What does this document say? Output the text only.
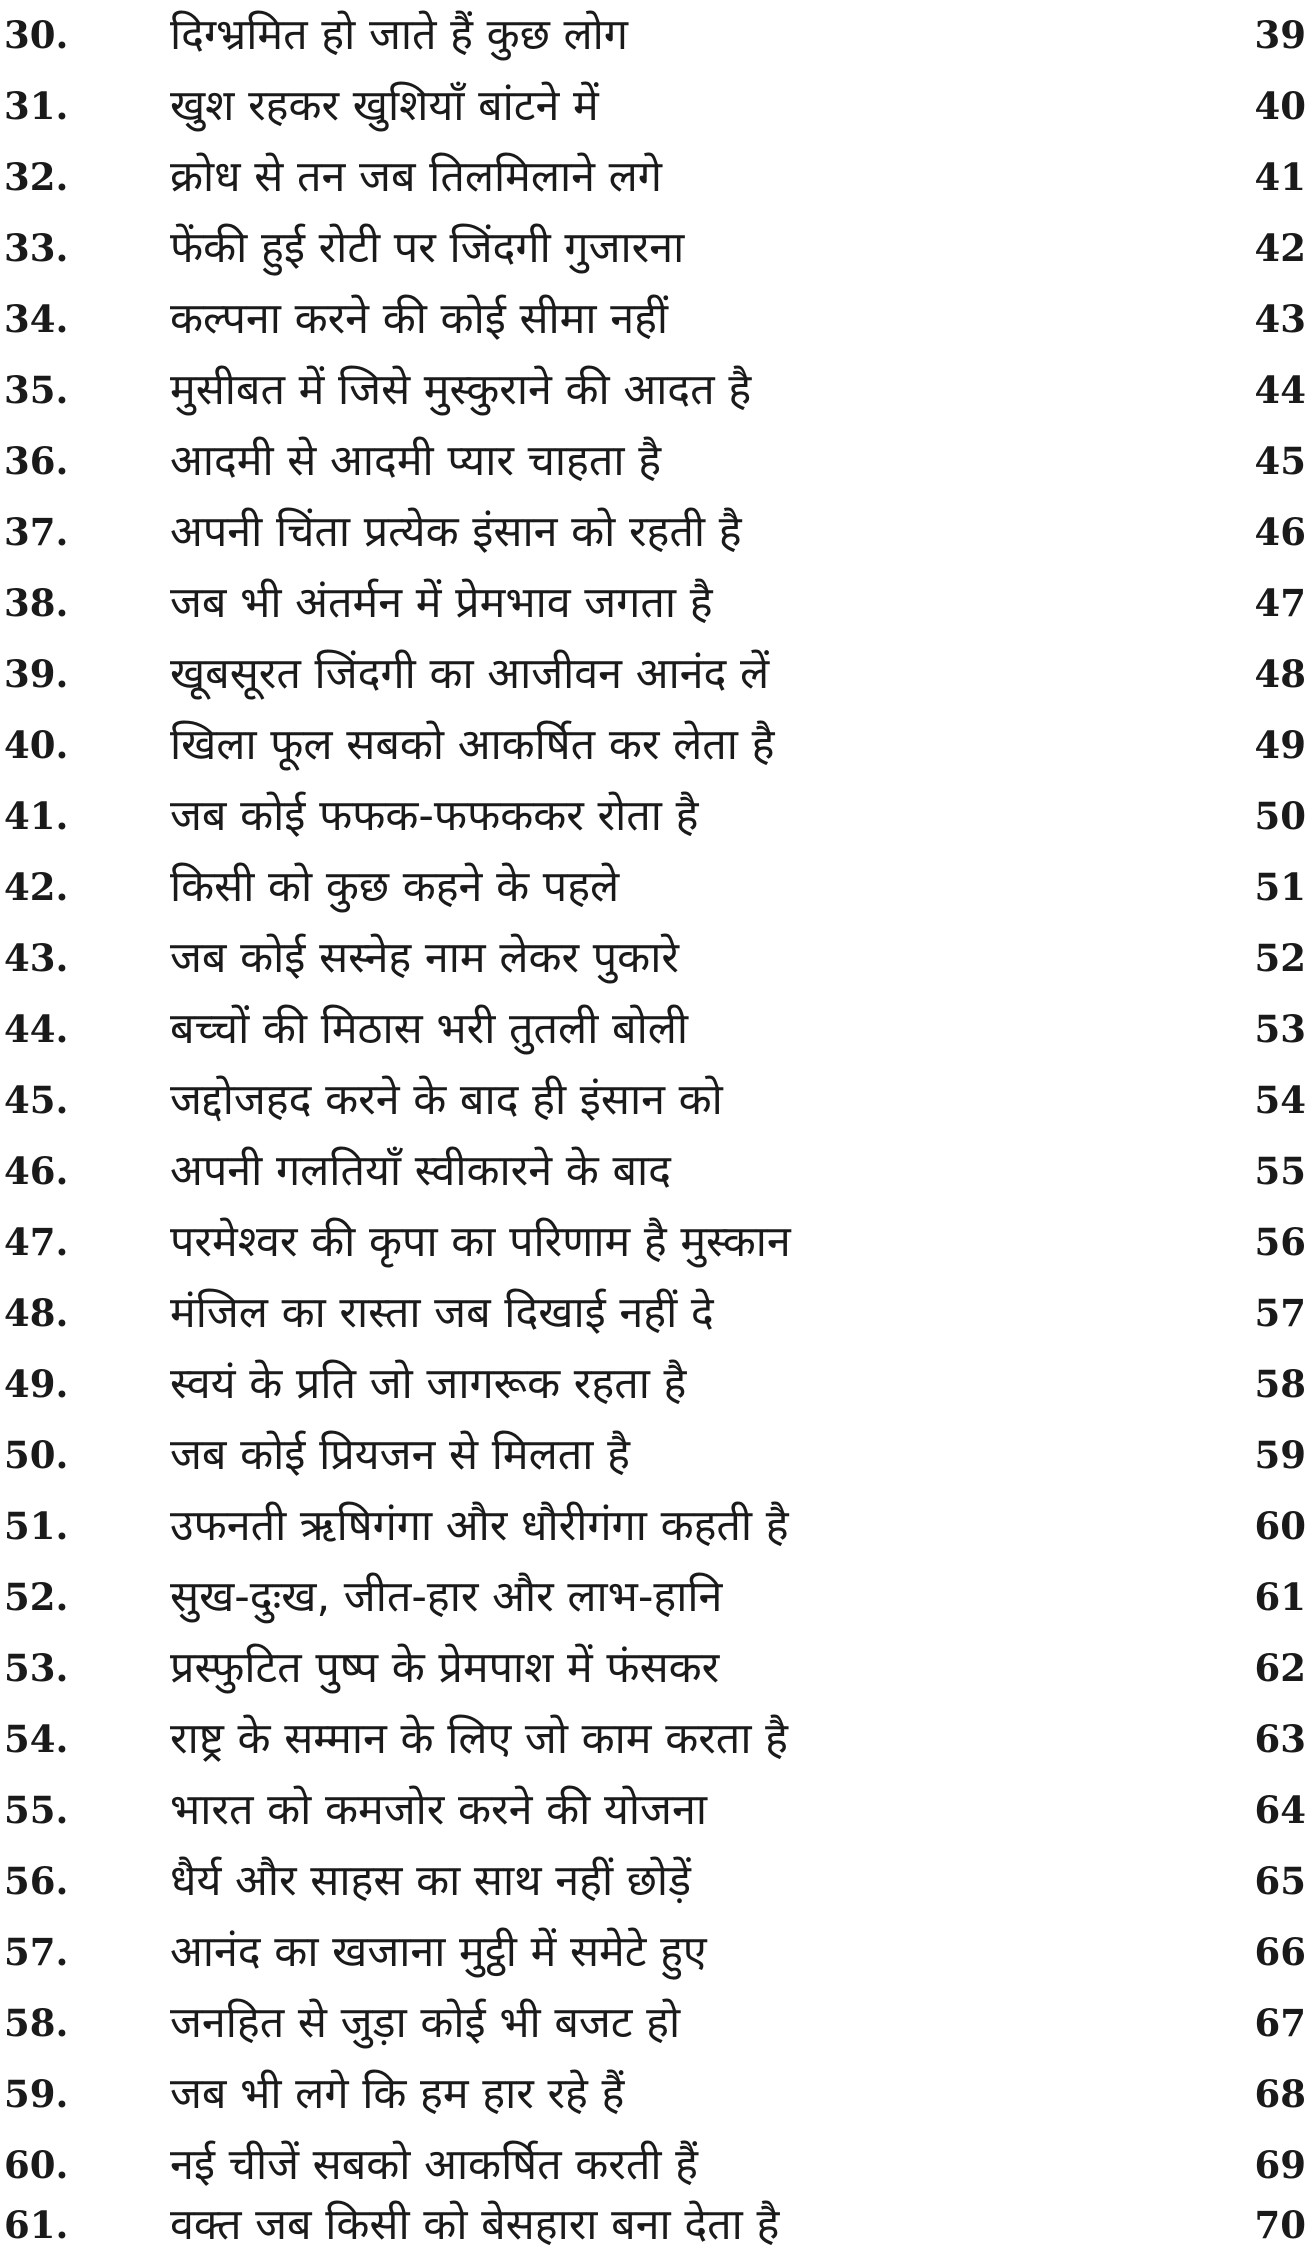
30.	दिग्भ्रमित हो जाते हैं कुछ लोग	39
31.	खुश रहकर खुशियाँ बांटने में	40
32.	क्रोध से तन जब तिलमिलाने लगे	41
33.	फेंकी हुई रोटी पर जिंदगी गुजारना	42
34.	कल्पना करने की कोई सीमा नहीं	43
35.	मुसीबत में जिसे मुस्कुराने की आदत है	44
36.	आदमी से आदमी प्यार चाहता है	45
37.	अपनी चिंता प्रत्येक इंसान को रहती है	46
38.	जब भी अंतर्मन में प्रेमभाव जगता है	47
39.	खूबसूरत जिंदगी का आजीवन आनंद लें	48
40.	खिला फूल सबको आकर्षित कर लेता है	49
41.	जब कोई फफक-फफककर रोता है	50
42.	किसी को कुछ कहने के पहले	51
43.	जब कोई सस्नेह नाम लेकर पुकारे	52
44.	बच्चों की मिठास भरी तुतली बोली	53
45.	जद्दोजहद करने के बाद ही इंसान को	54
46.	अपनी गलतियाँ स्वीकारने के बाद	55
47.	परमेश्वर की कृपा का परिणाम है मुस्कान	56
48.	मंजिल का रास्ता जब दिखाई नहीं दे	57
49.	स्वयं के प्रति जो जागरूक रहता है	58
50.	जब कोई प्रियजन से मिलता है	59
51.	उफनती ऋषिगंगा और धौरीगंगा कहती है	60
52.	सुख-दुःख, जीत-हार और लाभ-हानि	61
53.	प्रस्फुटित पुष्प के प्रेमपाश में फंसकर	62
54.	राष्ट्र के सम्मान के लिए जो काम करता है	63
55.	भारत को कमजोर करने की योजना	64
56.	धैर्य और साहस का साथ नहीं छोड़ें	65
57.	आनंद का खजाना मुट्ठी में समेटे हुए	66
58.	जनहित से जुड़ा कोई भी बजट हो	67
59.	जब भी लगे कि हम हार रहे हैं	68
60.	नई चीजें सबको आकर्षित करती हैं	69
61.	वक्त जब किसी को बेसहारा बना देता है	70
